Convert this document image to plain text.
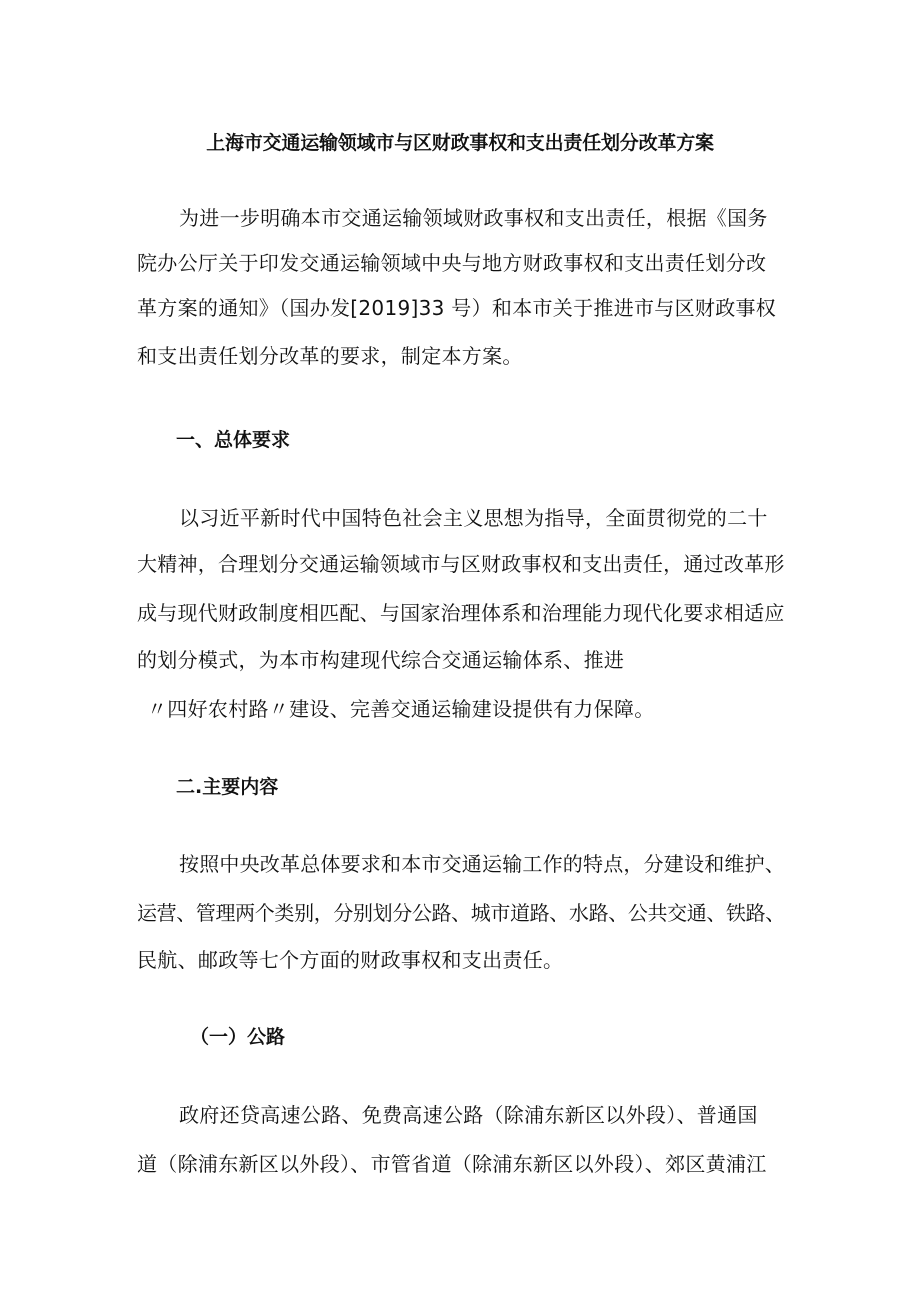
上海市交通运输领域市与区财政事权和支出责任划分改革方案
为进一步明确本市交通运输领域财政事权和支出责任，根据《国务
院办公厅关于印发交通运输领域中央与地方财政事权和支出责任划分改
革方案的通知》（国办发[2019]33 号）和本市关于推进市与区财政事权
和支出责任划分改革的要求，制定本方案。
一、总体要求
以习近平新时代中国特色社会主义思想为指导，全面贯彻党的二十
大精神，合理划分交通运输领域市与区财政事权和支出责任，通过改革形
成与现代财政制度相匹配、与国家治理体系和治理能力现代化要求相适应
的划分模式，为本市构建现代综合交通运输体系、推进
〃四好农村路〃建设、完善交通运输建设提供有力保障。
二.主要内容
按照中央改革总体要求和本市交通运输工作的特点，分建设和维护、
运营、管理两个类别，分别划分公路、城市道路、水路、公共交通、铁路、
民航、邮政等七个方面的财政事权和支出责任。
（一）公路
政府还贷高速公路、免费高速公路（除浦东新区以外段）、普通国
道（除浦东新区以外段）、市管省道（除浦东新区以外段）、郊区黄浦江
